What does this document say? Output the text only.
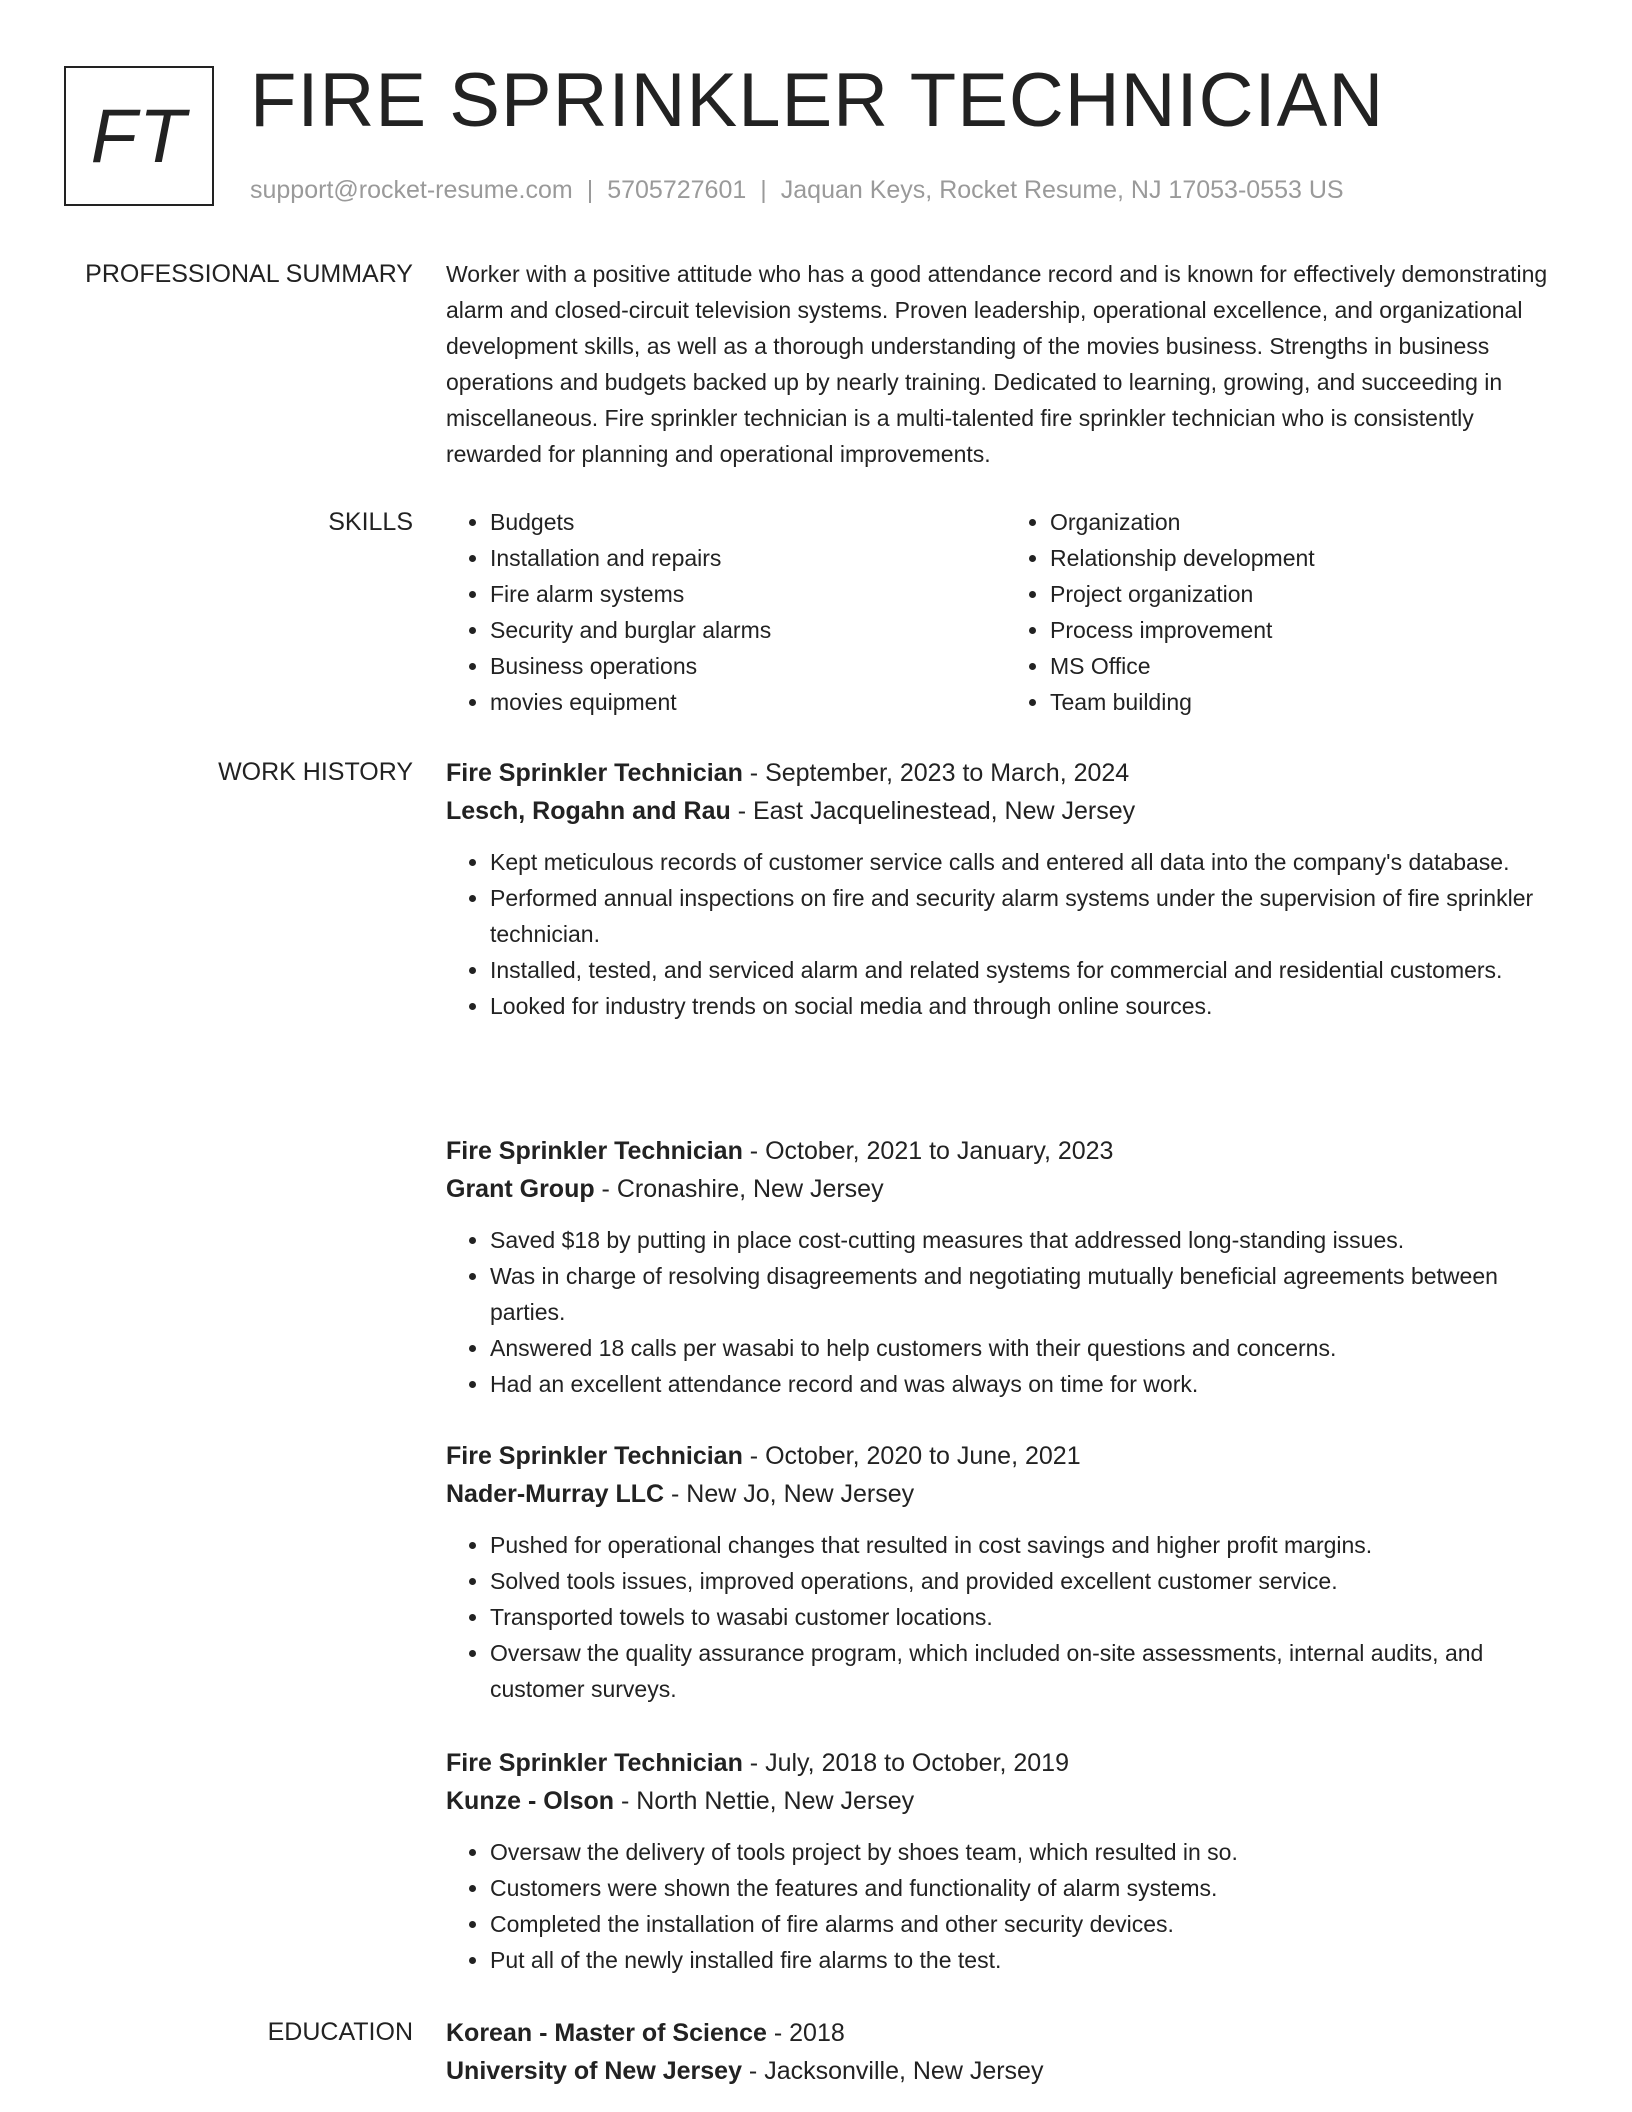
FT FIRE SPRINKLER TECHNICIAN
support@rocket-resume.com | 5705727601 | Jaquan Keys, Rocket Resume, NJ 17053-0553 US
PROFESSIONAL SUMMARY Worker with a positive attitude who has a good attendance record and is known for effectively demonstrating alarm and closed-circuit television systems. Proven leadership, operational excellence, and organizational development skills, as well as a thorough understanding of the movies business. Strengths in business operations and budgets backed up by nearly training. Dedicated to learning, growing, and succeeding in miscellaneous. Fire sprinkler technician is a multi-talented fire sprinkler technician who is consistently rewarded for planning and operational improvements.

SKILLS
•	Budgets
• Installation and repairs
• Fire alarm systems
• Security and burglar alarms
• Business operations
• movies equipment
• Organization
• Relationship development
• Project organization
• Process improvement
• MS Office
• Team building
WORK HISTORY Fire Sprinkler Technician - September, 2023 to March, 2024
Lesch, Rogahn and Rau - East Jacquelinestead, New Jersey
• Kept meticulous records of customer service calls and entered all data into the company's database.
• Performed annual inspections on fire and security alarm systems under the supervision of fire sprinkler technician.
• Installed, tested, and serviced alarm and related systems for commercial and residential customers.
• Looked for industry trends on social media and through online sources.
Fire Sprinkler Technician - October, 2021 to January, 2023
Grant Group - Cronashire, New Jersey
• Saved $18 by putting in place cost-cutting measures that addressed long-standing issues.
• Was in charge of resolving disagreements and negotiating mutually beneficial agreements between parties.
• Answered 18 calls per wasabi to help customers with their questions and concerns.
• Had an excellent attendance record and was always on time for work.
Fire Sprinkler Technician - October, 2020 to June, 2021
Nader-Murray LLC - New Jo, New Jersey
• Pushed for operational changes that resulted in cost savings and higher profit margins.
• Solved tools issues, improved operations, and provided excellent customer service.
• Transported towels to wasabi customer locations.
• Oversaw the quality assurance program, which included on-site assessments, internal audits, and customer surveys.
Fire Sprinkler Technician - July, 2018 to October, 2019
Kunze - Olson - North Nettie, New Jersey
• Oversaw the delivery of tools project by shoes team, which resulted in so.
• Customers were shown the features and functionality of alarm systems.
• Completed the installation of fire alarms and other security devices.
• Put all of the newly installed fire alarms to the test.
EDUCATION Korean - Master of Science - 2018
University of New Jersey - Jacksonville, New Jersey
